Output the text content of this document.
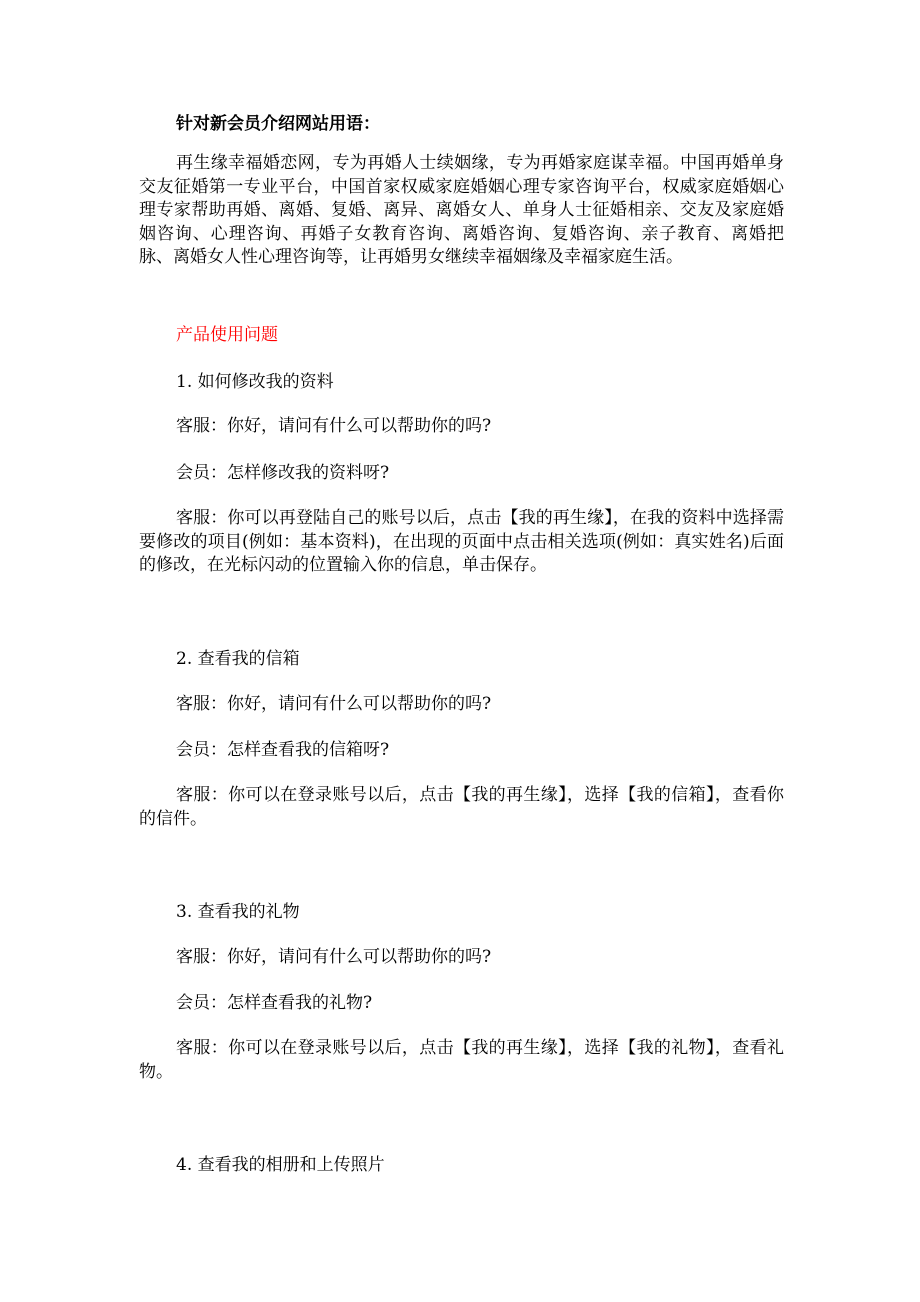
针对新会员介绍网站用语：
再生缘幸福婚恋网，专为再婚人士续姻缘，专为再婚家庭谋幸福。中国再婚单身交友征婚第一专业平台，中国首家权威家庭婚姻心理专家咨询平台，权威家庭婚姻心理专家帮助再婚、离婚、复婚、离异、离婚女人、单身人士征婚相亲、交友及家庭婚姻咨询、心理咨询、再婚子女教育咨询、离婚咨询、复婚咨询、亲子教育、离婚把脉、离婚女人性心理咨询等，让再婚男女继续幸福姻缘及幸福家庭生活。
产品使用问题
1. 如何修改我的资料
客服：你好，请问有什么可以帮助你的吗?
会员：怎样修改我的资料呀?
客服：你可以再登陆自己的账号以后，点击【我的再生缘】，在我的资料中选择需要修改的项目(例如：基本资料)，在出现的页面中点击相关选项(例如：真实姓名)后面的修改，在光标闪动的位置输入你的信息，单击保存。
2. 查看我的信箱
客服：你好，请问有什么可以帮助你的吗?
会员：怎样查看我的信箱呀?
客服：你可以在登录账号以后，点击【我的再生缘】，选择【我的信箱】，查看你的信件。
3. 查看我的礼物
客服：你好，请问有什么可以帮助你的吗?
会员：怎样查看我的礼物?
客服：你可以在登录账号以后，点击【我的再生缘】，选择【我的礼物】，查看礼物。
4. 查看我的相册和上传照片
